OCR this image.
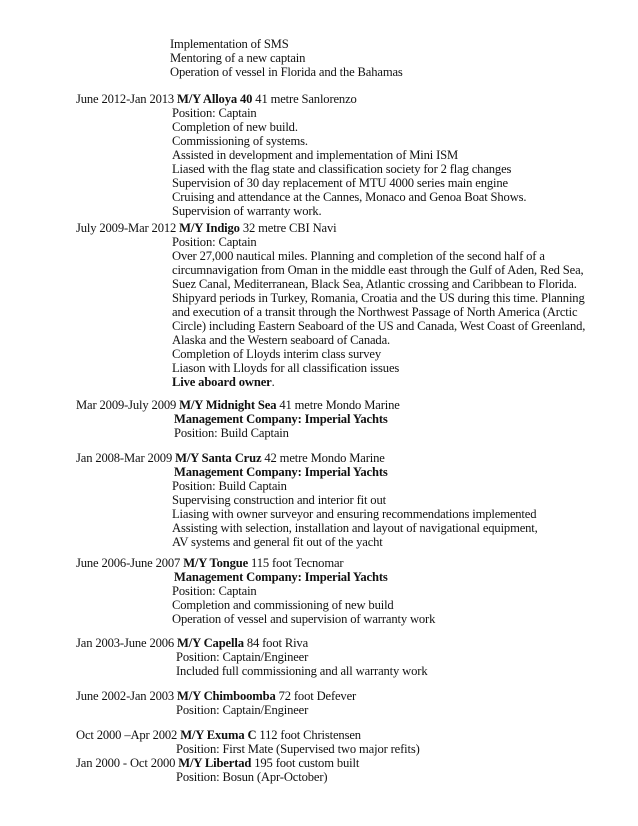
Implementation of SMS
Mentoring of a new captain
Operation of vessel in Florida and the Bahamas
June 2012-Jan 2013 M/Y Alloya 40 41 metre Sanlorenzo
Position: Captain
Completion of new build.
Commissioning of systems.
Assisted in development and implementation of Mini ISM
Liased with the flag state and classification society for 2 flag changes
Supervision of 30 day replacement of MTU 4000 series main engine
Cruising and attendance at the Cannes, Monaco and Genoa Boat Shows.
Supervision of warranty work.
July 2009-Mar 2012 M/Y Indigo 32 metre CBI Navi
Position: Captain
Over 27,000 nautical miles. Planning and completion of the second half of a
circumnavigation from Oman in the middle east through the Gulf of Aden, Red Sea,
Suez Canal, Mediterranean, Black Sea, Atlantic crossing and Caribbean to Florida.
Shipyard periods in Turkey, Romania, Croatia and the US during this time. Planning
and execution of a transit through the Northwest Passage of North America (Arctic
Circle) including Eastern Seaboard of the US and Canada, West Coast of Greenland,
Alaska and the Western seaboard of Canada.
Completion of Lloyds interim class survey
Liason with Lloyds for all classification issues
Live aboard owner.
Mar 2009-July 2009 M/Y Midnight Sea 41 metre Mondo Marine
Management Company: Imperial Yachts
Position: Build Captain
Jan 2008-Mar 2009 M/Y Santa Cruz 42 metre Mondo Marine
Management Company: Imperial Yachts
Position: Build Captain
Supervising construction and interior fit out
Liasing with owner surveyor and ensuring recommendations implemented
Assisting with selection, installation and layout of navigational equipment,
AV systems and general fit out of the yacht
June 2006-June 2007 M/Y Tongue 115 foot Tecnomar
Management Company: Imperial Yachts
Position: Captain
Completion and commissioning of new build
Operation of vessel and supervision of warranty work
Jan 2003-June 2006 M/Y Capella 84 foot Riva
Position: Captain/Engineer
Included full commissioning and all warranty work
June 2002-Jan 2003 M/Y Chimboomba 72 foot Defever
Position: Captain/Engineer
Oct 2000 –Apr 2002 M/Y Exuma C 112 foot Christensen
Position: First Mate (Supervised two major refits)
Jan 2000 - Oct 2000 M/Y Libertad 195 foot custom built
Position: Bosun (Apr-October)
